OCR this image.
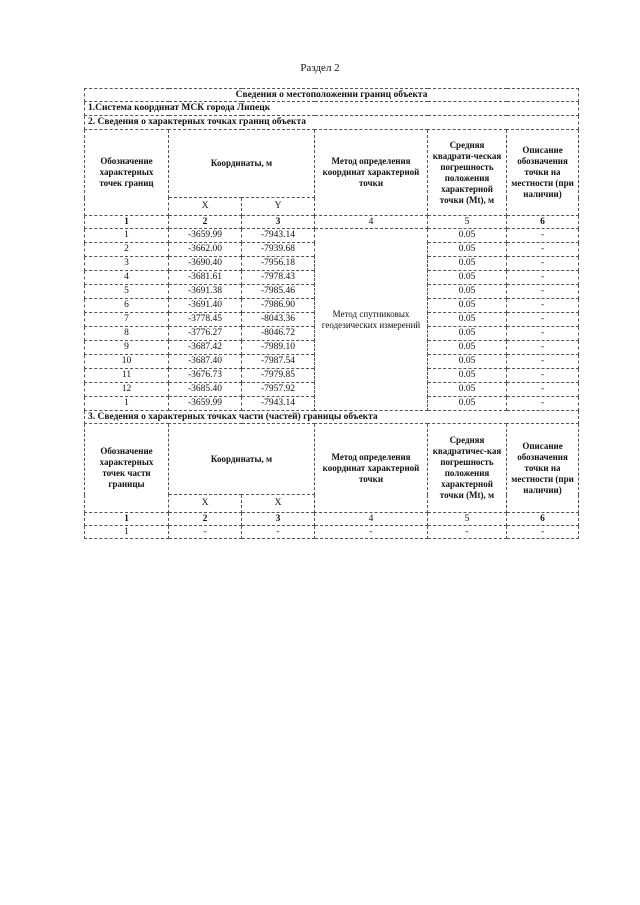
Раздел 2
Сведения о местоположении границ объекта					
1.Система координат МСК города Липецк					
2. Сведения о характерных точках границ объекта					
Обозначение характерных точек границ	Координаты, м		Метод определения координат характерной точки	Средняя квадрати-ческая погрешность положения характерной точки (Mt), м	Описание обозначения точки на местности (при наличии)
	X	Y			
1	2	3	4	5	6
1	-3659.99	-7943.14	Метод спутниковых геодезических измерений	0.05	-
2	-3662.00	-7939.68		0.05	-
3	-3690.40	-7956.18		0.05	-
4	-3681.61	-7978.43		0.05	-
5	-3691.38	-7985.46		0.05	-
6	-3691.40	-7986.90		0.05	-
7	-3778.45	-8043.36		0.05	-
8	-3776.27	-8046.72		0.05	-
9	-3687.42	-7989.10		0.05	-
10	-3687.40	-7987.54		0.05	-
11	-3676.73	-7979.85		0.05	-
12	-3685.40	-7957.92		0.05	-
1	-3659.99	-7943.14		0.05	-
3. Сведения о характерных точках части (частей) границы объекта					
Обозначение характерных точек части границы	Координаты, м		Метод определения координат характерной точки	Средняя квадратичес-кая погрешность положения характерной точки (Mt), м	Описание обозначения точки на местности (при наличии)
	X	X			
1	2	3	4	5	6
1	-	-	-	-	-
